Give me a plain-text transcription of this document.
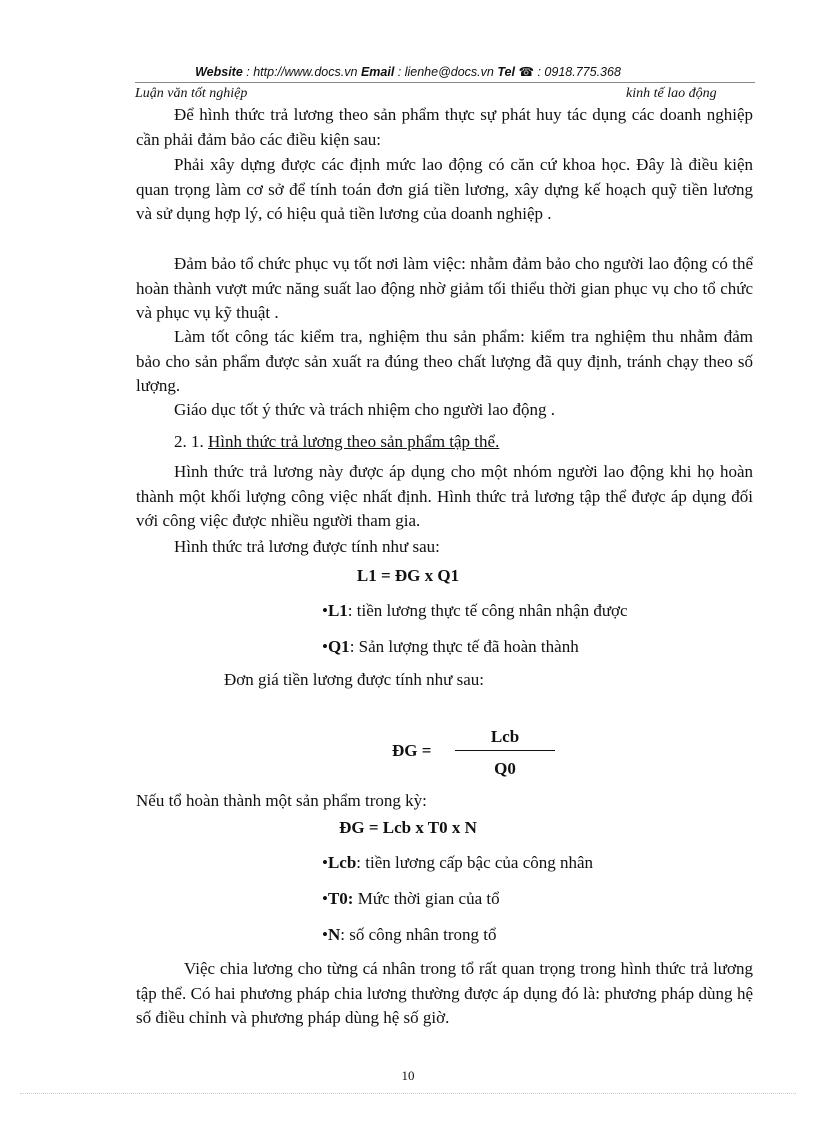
Website : http://www.docs.vn Email : lienhe@docs.vn Tel ☎ : 0918.775.368
Luận văn tốt nghiệp	kinh tế lao động
Để hình thức trả lương theo sản phẩm thực sự phát huy tác dụng các doanh nghiệp cần phải đảm bảo các điều kiện sau:
Phải xây dựng được các định mức lao động có căn cứ khoa học. Đây là điều kiện quan trọng làm cơ sở để tính toán đơn giá tiền lương, xây dựng kế hoạch quỹ tiền lương và sử dụng hợp lý, có hiệu quả tiền lương của doanh nghiệp .
Đảm bảo tổ chức phục vụ tốt nơi làm việc: nhằm đảm bảo cho người lao động có thể hoàn thành vượt mức năng suất lao động nhờ giảm tối thiểu thời gian phục vụ cho tổ chức và phục vụ kỹ thuật .
Làm tốt công tác kiểm tra, nghiệm thu sản phẩm: kiểm tra nghiệm thu nhằm đảm bảo cho sản phẩm được sản xuất ra đúng theo chất lượng đã quy định, tránh chạy theo số lượng.
Giáo dục tốt ý thức và trách nhiệm cho người lao động .
2. 1. Hình thức trả lương theo sản phẩm tập thể.
Hình thức trả lương này được áp dụng cho một nhóm người lao động khi họ hoàn thành một khối lượng công việc nhất định. Hình thức trả lương tập thể được áp dụng đối với công việc được nhiều người tham gia.
Hình thức trả lương được tính như sau:
L1 = ĐG x Q1
•L1: tiền lương thực tế công nhân nhận được
•Q1: Sản lượng thực tế đã hoàn thành
Đơn giá tiền lương được tính như sau:
ĐG =
Lcb
Q0
Nếu tổ hoàn thành một sản phẩm trong kỳ:
ĐG = Lcb x T0 x N
•Lcb: tiền lương cấp bậc của công nhân
•T0: Mức thời gian của tổ
•N: số công nhân trong tổ
Việc chia lương cho từng cá nhân trong tổ rất quan trọng trong hình thức trả lương tập thể. Có hai phương pháp chia lương thường được áp dụng đó là: phương pháp dùng hệ số điều chỉnh và phương pháp dùng hệ số giờ.
10
